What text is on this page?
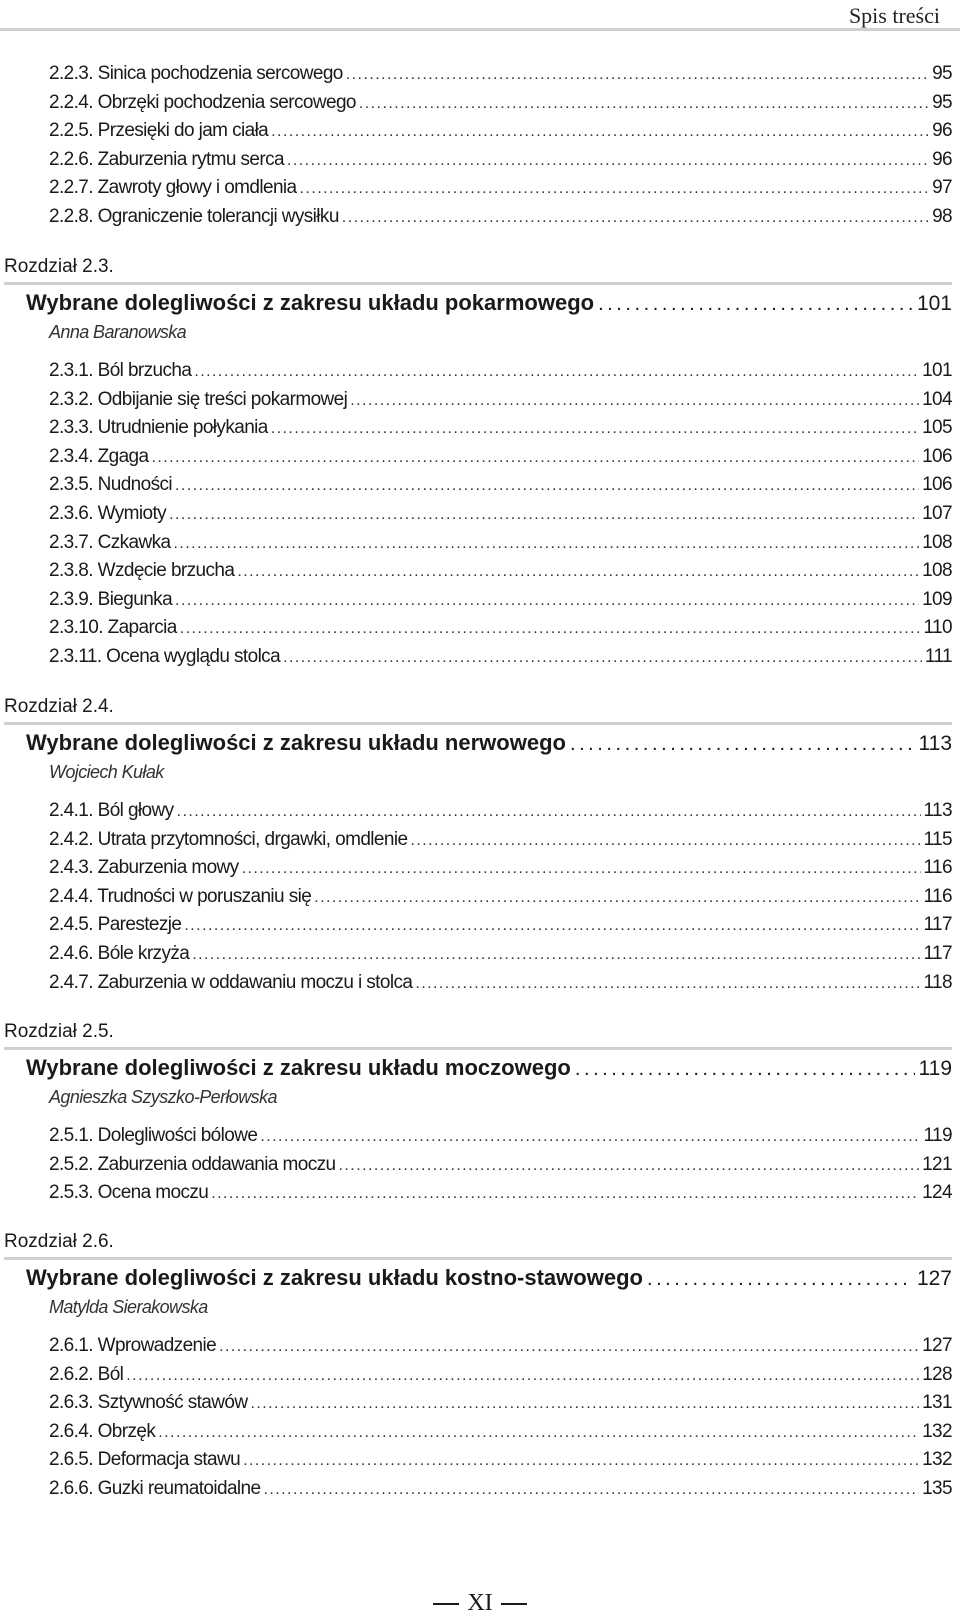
Spis treści
2.2.3. Sinica pochodzenia sercowego . . .	95
2.2.4. Obrzęki pochodzenia sercowego . . .	95
2.2.5. Przesięki do jam ciała . . .	96
2.2.6. Zaburzenia rytmu serca . . .	96
2.2.7. Zawroty głowy i omdlenia . . .	97
2.2.8. Ograniczenie tolerancji wysiłku . . .	98
Rozdział 2.3.
Wybrane dolegliwości z zakresu układu pokarmowego . . .	101
Anna Baranowska
2.3.1. Ból brzucha . . .	101
2.3.2. Odbijanie się treści pokarmowej . . .	104
2.3.3. Utrudnienie połykania . . .	105
2.3.4. Zgaga . . .	106
2.3.5. Nudności . . .	106
2.3.6. Wymioty . . .	107
2.3.7. Czkawka . . .	108
2.3.8. Wzdęcie brzucha . . .	108
2.3.9. Biegunka . . .	109
2.3.10. Zaparcia . . .	110
2.3.11. Ocena wyglądu stolca . . .	111
Rozdział 2.4.
Wybrane dolegliwości z zakresu układu nerwowego . . .	113
Wojciech Kułak
2.4.1. Ból głowy . . .	113
2.4.2. Utrata przytomności, drgawki, omdlenie . . .	115
2.4.3. Zaburzenia mowy . . .	116
2.4.4. Trudności w poruszaniu się . . .	116
2.4.5. Parestezje . . .	117
2.4.6. Bóle krzyża . . .	117
2.4.7. Zaburzenia w oddawaniu moczu i stolca . . .	118
Rozdział 2.5.
Wybrane dolegliwości z zakresu układu moczowego . . .	119
Agnieszka Szyszko-Perłowska
2.5.1. Dolegliwości bólowe . . .	119
2.5.2. Zaburzenia oddawania moczu . . .	121
2.5.3. Ocena moczu . . .	124
Rozdział 2.6.
Wybrane dolegliwości z zakresu układu kostno-stawowego . . .	127
Matylda Sierakowska
2.6.1. Wprowadzenie . . .	127
2.6.2. Ból . . .	128
2.6.3. Sztywność stawów . . .	131
2.6.4. Obrzęk . . .	132
2.6.5. Deformacja stawu . . .	132
2.6.6. Guzki reumatoidalne . . .	135
XI
